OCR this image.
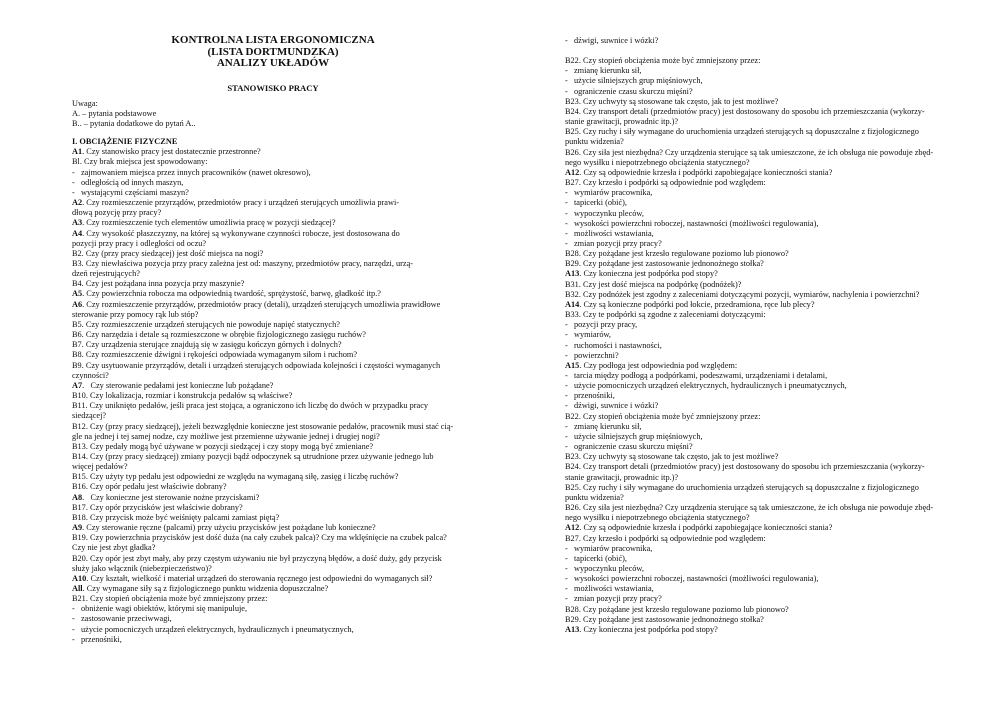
KONTROLNA LISTA ERGONOMICZNA
(LISTA DORTMUNDZKA)
ANALIZY UKŁADÓW
STANOWISKO PRACY
Uwaga:
A. – pytania podstawowe
B.. – pytania dodatkowe do pytań A..
I. OBCIĄŻENIE FIZYCZNE
A1. Czy stanowisko pracy jest dostatecznie przestronne?
Bl. Czy brak miejsca jest spowodowany:
-   zajmowaniem miejsca przez innych pracowników (nawet okresowo),
-   odległością od innych maszyn,
-   wystającymi częściami maszyn?
A2. Czy rozmieszczenie przyrządów, przedmiotów pracy i urządzeń sterujących umożliwia prawi-
dłową pozycję przy pracy?
A3. Czy rozmieszczenie tych elementów umożliwia pracę w pozycji siedzącej?
A4. Czy wysokość płaszczyzny, na której są wykonywane czynności robocze, jest dostosowana do
pozycji przy pracy i odległości od oczu?
B2. Czy (przy pracy siedzącej) jest dość miejsca na nogi?
B3. Czy niewłaściwa pozycja przy pracy zależna jest od: maszyny, przedmiotów pracy, narzędzi, urzą-
dzeń rejestrujących?
B4. Czy jest pożądana inna pozycja przy maszynie?
A5. Czy powierzchnia robocza ma odpowiednią twardość, sprężystość, barwę, gładkość itp.?
A6. Czy rozmieszczenie przyrządów, przedmiotów pracy (detali), urządzeń sterujących umożliwia prawidłowe
sterowanie przy pomocy rąk lub stóp?
B5. Czy rozmieszczenie urządzeń sterujących nie powoduje napięć statycznych?
B6. Czy narzędzia i detale są rozmieszczone w obrębie fizjologicznego zasięgu ruchów?
B7. Czy urządzenia sterujące znajdują się w zasięgu kończyn górnych i dolnych?
B8. Czy rozmieszczenie dźwigni i rękojeści odpowiada wymaganym siłom i ruchom?
B9. Czy usytuowanie przyrządów, detali i urządzeń sterujących odpowiada kolejności i częstości wymaganych
czynności?
A7.   Czy sterowanie pedałami jest konieczne lub pożądane?
B10. Czy lokalizacja, rozmiar i konstrukcja pedałów są właściwe?
B11. Czy uniknięto pedałów, jeśli praca jest stojąca, a ograniczono ich liczbę do dwóch w przypadku pracy
siedzącej?
B12. Czy (przy pracy siedzącej), jeżeli bezwzględnie konieczne jest stosowanie pedałów, pracownik musi stać cią-
gle na jednej i tej samej nodze, czy możliwe jest przemienne używanie jednej i drugiej nogi?
B13. Czy pedały mogą być używane w pozycji siedzącej i czy stopy mogą być zmieniane?
B14. Czy (przy pracy siedzącej) zmiany pozycji bądź odpoczynek są utrudnione przez używanie jednego lub
więcej pedałów?
B15. Czy użyty typ pedału jest odpowiedni ze względu na wymaganą siłę, zasięg i liczbę ruchów?
B16. Czy opór pedału jest właściwie dobrany?
A8.   Czy konieczne jest sterowanie nożne przyciskami?
B17. Czy opór przycisków jest właściwie dobrany?
B18. Czy przycisk może być weiśnięty palcami zamiast piętą?
A9. Czy sterowanie ręczne (palcami) przy użyciu przycisków jest pożądane lub konieczne?
B19. Czy powierzchnia przycisków jest dość duża (na cały czubek palca)? Czy ma wklęśnięcie na czubek palca?
Czy nie jest zbyt gładka?
B20. Czy opór jest zbyt mały, aby przy częstym używaniu nie był przyczyną błędów, a dość duży, gdy przycisk
służy jako włącznik (niebezpieczeństwo)?
A10. Czy kształt, wielkość i materiał urządzeń do sterowania ręcznego jest odpowiedni do wymaganych sił?
All. Czy wymagane siły są z fizjologicznego punktu widzenia dopuszczalne?
B21. Czy stopień obciążenia może być zmniejszony przez:
-   obniżenie wagi obiektów, którymi się manipuluje,
-   zastosowanie przeciwwagi,
-   użycie pomocniczych urządzeń elektrycznych, hydraulicznych i pneumatycznych,
-   przenośniki,
-   dźwigi, suwnice i wózki?
B22. Czy stopień obciążenia może być zmniejszony przez:
-   zmianę kierunku sił,
-   użycie silniejszych grup mięśniowych,
-   ograniczenie czasu skurczu mięśni?
B23. Czy uchwyty są stosowane tak często, jak to jest możliwe?
B24. Czy transport detali (przedmiotów pracy) jest dostosowany do sposobu ich przemieszczania (wykorzy-
stanie grawitacji, prowadnic itp.)?
B25. Czy ruchy i siły wymagane do uruchomienia urządzeń sterujących są dopuszczalne z fizjologicznego
punktu widzenia?
B26. Czy siła jest niezbędna? Czy urządzenia sterujące są tak umieszczone, że ich obsługa nie powoduje zbęd-
nego wysiłku i niepotrzebnego obciążenia statycznego?
A12. Czy są odpowiednie krzesła i podpórki zapobiegające konieczności stania?
B27. Czy krzesło i podpórki są odpowiednie pod względem:
-   wymiarów pracownika,
-   tapicerki (obić),
-   wypoczynku pleców,
-   wysokości powierzchni roboczej, nastawności (możliwości regulowania),
-   możliwości wstawiania,
-   zmian pozycji przy pracy?
B28. Czy pożądane jest krzesło regulowane poziomo lub pionowo?
B29. Czy pożądane jest zastosowanie jednonożnego stołka?
A13. Czy konieczna jest podpórka pod stopy?
B31. Czy jest dość miejsca na podpórkę (podnóżek)?
B32. Czy podnóżek jest zgodny z zaleceniami dotyczącymi pozycji, wymiarów, nachylenia i powierzchni?
A14. Czy są konieczne podpórki pod łokcie, przedramiona, ręce lub plecy?
B33. Czy te podpórki są zgodne z zaleceniami dotyczącymi:
-   pozycji przy pracy,
-   wymiarów,
-   ruchomości i nastawności,
-   powierzchni?
A15. Czy podłoga jest odpowiednia pod względem:
-   tarcia między podłogą a podpórkami, podeszwami, urządzeniami i detalami,
-   użycie pomocniczych urządzeń elektrycznych, hydraulicznych i pneumatycznych,
-   przenośniki,
-   dźwigi, suwnice i wózki?
B22. Czy stopień obciążenia może być zmniejszony przez:
-   zmianę kierunku sił,
-   użycie silniejszych grup mięśniowych,
-   ograniczenie czasu skurczu mięśni?
B23. Czy uchwyty są stosowane tak często, jak to jest możliwe?
B24. Czy transport detali (przedmiotów pracy) jest dostosowany do sposobu ich przemieszczania (wykorzy-
stanie grawitacji, prowadnic itp.)?
B25. Czy ruchy i siły wymagane do uruchomienia urządzeń sterujących są dopuszczalne z fizjologicznego
punktu widzenia?
B26. Czy siła jest niezbędna? Czy urządzenia sterujące są tak umieszczone, że ich obsługa nie powoduje zbęd-
nego wysiłku i niepotrzebnego obciążenia statycznego?
A12. Czy są odpowiednie krzesła i podpórki zapobiegające konieczności stania?
B27. Czy krzesło i podpórki są odpowiednie pod względem:
-   wymiarów pracownika,
-   tapicerki (obić),
-   wypoczynku pleców,
-   wysokości powierzchni roboczej, nastawności (możliwości regulowania),
-   możliwości wstawiania,
-   zmian pozycji przy pracy?
B28. Czy pożądane jest krzesło regulowane poziomo lub pionowo?
B29. Czy pożądane jest zastosowanie jednonożnego stołka?
A13. Czy konieczna jest podpórka pod stopy?
